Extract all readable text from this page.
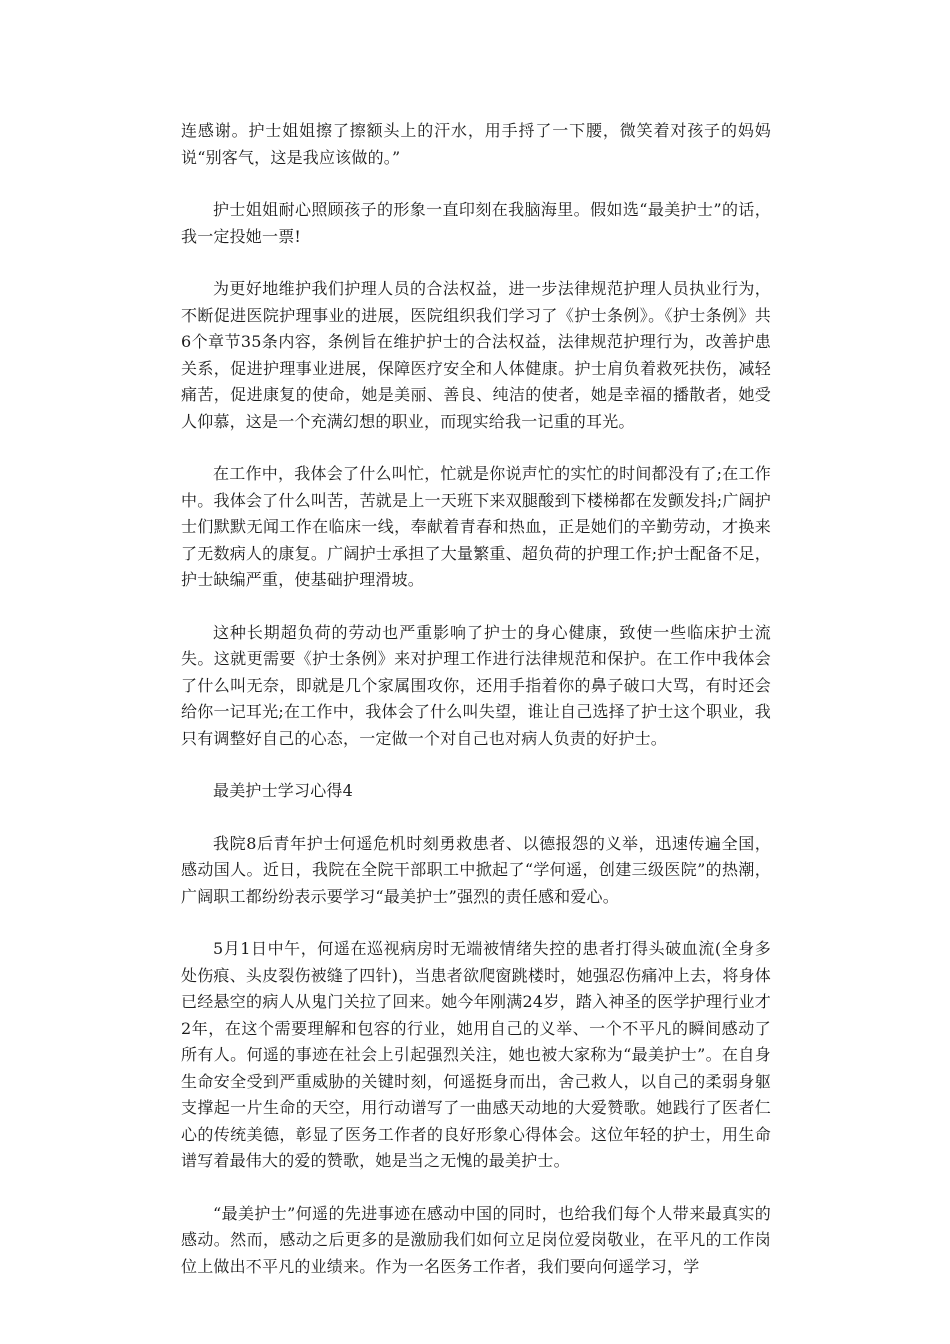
连感谢。护士姐姐擦了擦额头上的汗水，用手捋了一下腰，微笑着对孩子的妈妈说“别客气，这是我应该做的。”

护士姐姐耐心照顾孩子的形象一直印刻在我脑海里。假如选“最美护士”的话，我一定投她一票!

为更好地维护我们护理人员的合法权益，进一步法律规范护理人员执业行为，不断促进医院护理事业的进展，医院组织我们学习了《护士条例》。《护士条例》共6个章节35条内容，条例旨在维护护士的合法权益，法律规范护理行为，改善护患关系，促进护理事业进展，保障医疗安全和人体健康。护士肩负着救死扶伤，减轻痛苦，促进康复的使命，她是美丽、善良、纯洁的使者，她是幸福的播散者，她受人仰慕，这是一个充满幻想的职业，而现实给我一记重的耳光。

在工作中，我体会了什么叫忙，忙就是你说声忙的实忙的时间都没有了;在工作中。我体会了什么叫苦，苦就是上一天班下来双腿酸到下楼梯都在发颤发抖;广阔护士们默默无闻工作在临床一线，奉献着青春和热血，正是她们的辛勤劳动，才换来了无数病人的康复。广阔护士承担了大量繁重、超负荷的护理工作;护士配备不足，护士缺编严重，使基础护理滑坡。

这种长期超负荷的劳动也严重影响了护士的身心健康，致使一些临床护士流失。这就更需要《护士条例》来对护理工作进行法律规范和保护。在工作中我体会了什么叫无奈，即就是几个家属围攻你，还用手指着你的鼻子破口大骂，有时还会给你一记耳光;在工作中，我体会了什么叫失望，谁让自己选择了护士这个职业，我只有调整好自己的心态，一定做一个对自己也对病人负责的好护士。

最美护士学习心得4

我院8后青年护士何遥危机时刻勇救患者、以德报怨的义举，迅速传遍全国，感动国人。近日，我院在全院干部职工中掀起了“学何遥，创建三级医院”的热潮，广阔职工都纷纷表示要学习“最美护士”强烈的责任感和爱心。

5月1日中午，何遥在巡视病房时无端被情绪失控的患者打得头破血流(全身多处伤痕、头皮裂伤被缝了四针)，当患者欲爬窗跳楼时，她强忍伤痛冲上去，将身体已经悬空的病人从鬼门关拉了回来。她今年刚满24岁，踏入神圣的医学护理行业才2年，在这个需要理解和包容的行业，她用自己的义举、一个不平凡的瞬间感动了所有人。何遥的事迹在社会上引起强烈关注，她也被大家称为“最美护士”。在自身生命安全受到严重威胁的关键时刻，何遥挺身而出，舍己救人，以自己的柔弱身躯支撑起一片生命的天空，用行动谱写了一曲感天动地的大爱赞歌。她践行了医者仁心的传统美德，彰显了医务工作者的良好形象心得体会。这位年轻的护士，用生命谱写着最伟大的爱的赞歌，她是当之无愧的最美护士。

“最美护士”何遥的先进事迹在感动中国的同时，也给我们每个人带来最真实的感动。然而，感动之后更多的是激励我们如何立足岗位爱岗敬业，在平凡的工作岗位上做出不平凡的业绩来。作为一名医务工作者，我们要向何遥学习，学
